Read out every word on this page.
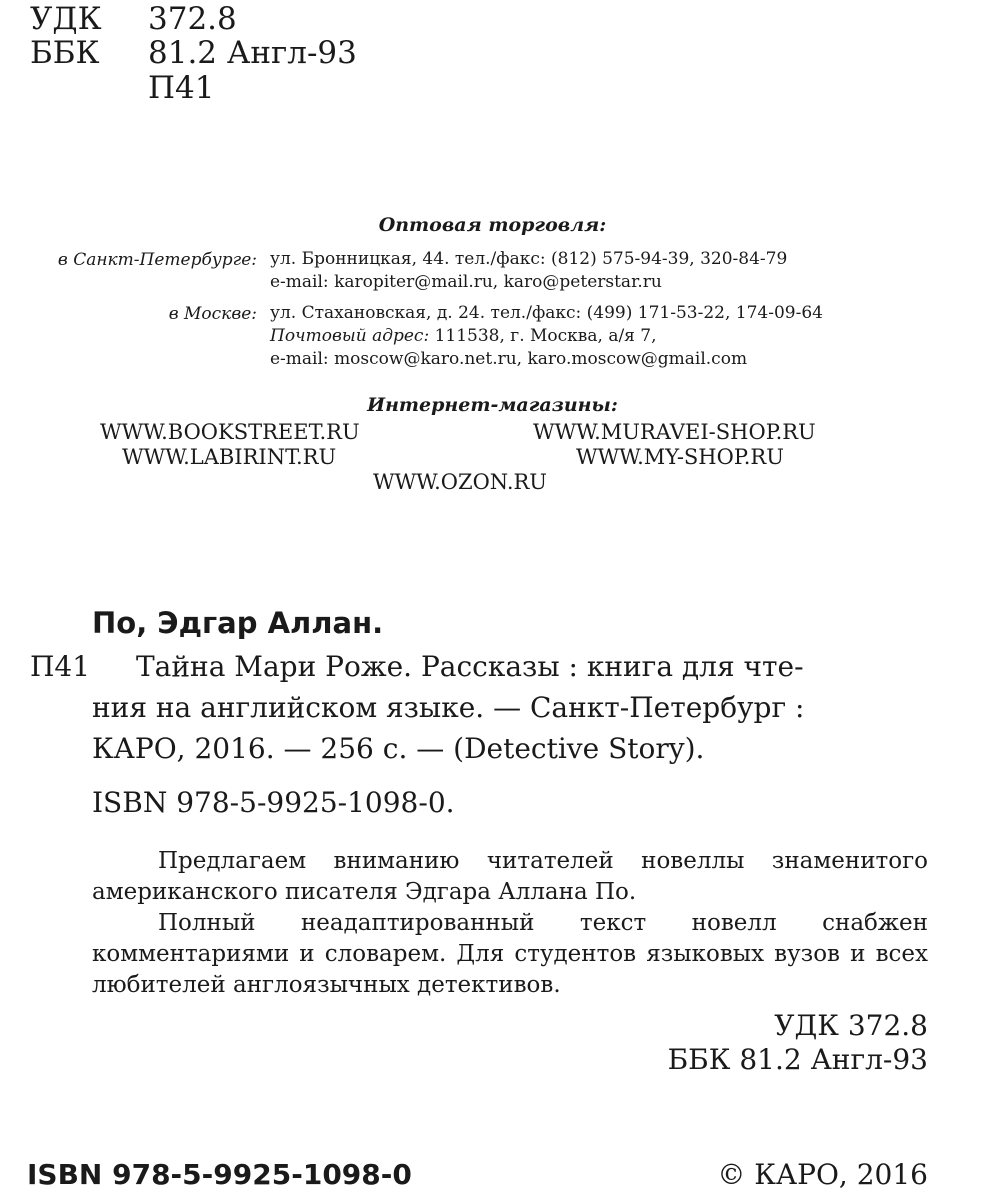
УДК 372.8
ББК 81.2 Англ-93
П41
Оптовая торговля:
в Санкт-Петербурге: ул. Бронницкая, 44. тел./факс: (812) 575-94-39, 320-84-79
e-mail: karopiter@mail.ru, karo@peterstar.ru
в Москве: ул. Стахановская, д. 24. тел./факс: (499) 171-53-22, 174-09-64
Почтовый адрес: 111538, г. Москва, а/я 7,
e-mail: moscow@karo.net.ru, karo.moscow@gmail.com
Интернет-магазины:
WWW.BOOKSTREET.RU	WWW.MURAVEI-SHOP.RU
WWW.LABIRINT.RU	WWW.MY-SHOP.RU
WWW.OZON.RU
По, Эдгар Аллан.
П41 Тайна Мари Роже. Рассказы : книга для чте-
ния на английском языке. — Санкт-Петербург :
КАРО, 2016. — 256 с. — (Detective Story).
ISBN 978-5-9925-1098-0.

Предлагаем вниманию читателей новеллы знаменитого американского писателя Эдгара Аллана По.

Полный неадаптированный текст новелл снабжен комментариями и словарем. Для студентов языковых вузов и всех любителей англоязычных детективов.

УДК 372.8
ББК 81.2 Англ-93
ISBN 978-5-9925-1098-0	© КАРО, 2016
